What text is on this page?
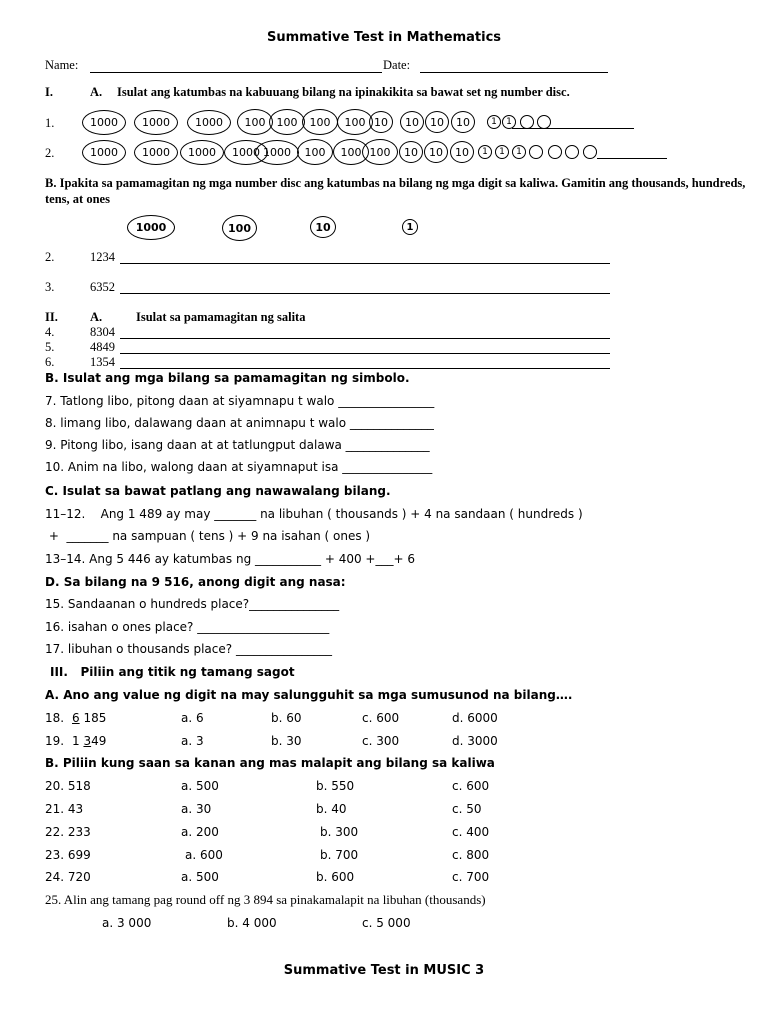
Summative Test in Mathematics
Name:	Date:
I.	A. Isulat ang katumbas na kabuuang bilang na ipinakikita sa bawat set ng number disc.
1.	1000	1000	1000	100	100	100	100 10	10	10	10	1	1
2.	1000	1000	1000	1000 1000	100	100 100	10	10	10	1	1	1
B. Ipakita sa pamamagitan ng mga number disc ang katumbas na bilang ng mga digit sa kaliwa. Gamitin ang thousands, hundreds, tens, at ones
1000	100	10	1
2.	1234
3.	6352
II.	A.	Isulat sa pamamagitan ng salita
4.	8304
5.	4849
6.	1354
B. Isulat ang mga bilang sa pamamagitan ng simbolo.
7. Tatlong libo, pitong daan at siyamnapu t walo ________________
8. limang libo, dalawang daan at animnapu t walo ______________
9. Pitong libo, isang daan at at tatlungput dalawa ______________
10. Anim na libo, walong daan at siyamnaput isa _______________
C. Isulat sa bawat patlang ang nawawalang bilang.
11–12.    Ang 1 489 ay may _______ na libuhan ( thousands ) + 4 na sandaan ( hundreds )
+  _______ na sampuan ( tens ) + 9 na isahan ( ones )
13–14. Ang 5 446 ay katumbas ng ___________ + 400 +___+ 6
D. Sa bilang na 9 516, anong digit ang nasa:
15. Sandaanan o hundreds place?_______________
16. isahan o ones place? ______________________
17. libuhan o thousands place? ________________
III.   Piliin ang titik ng tamang sagot
A. Ano ang value ng digit na may salungguhit sa mga sumusunod na bilang….
18. 6 185	a. 6	b. 60	c. 600	d. 6000
19. 1 349	a. 3	b. 30	c. 300	d. 3000
B. Piliin kung saan sa kanan ang mas malapit ang bilang sa kaliwa
20. 518	a. 500	b. 550	c. 600
21. 43	a. 30	b. 40	c. 50
22. 233	a. 200	b. 300	c. 400
23. 699	a. 600	b. 700	c. 800
24. 720	a. 500	b. 600	c. 700
25. Alin ang tamang pag round off ng 3 894 sa pinakamalapit na libuhan (thousands)
a. 3 000	b. 4 000	c. 5 000
Summative Test in MUSIC 3
